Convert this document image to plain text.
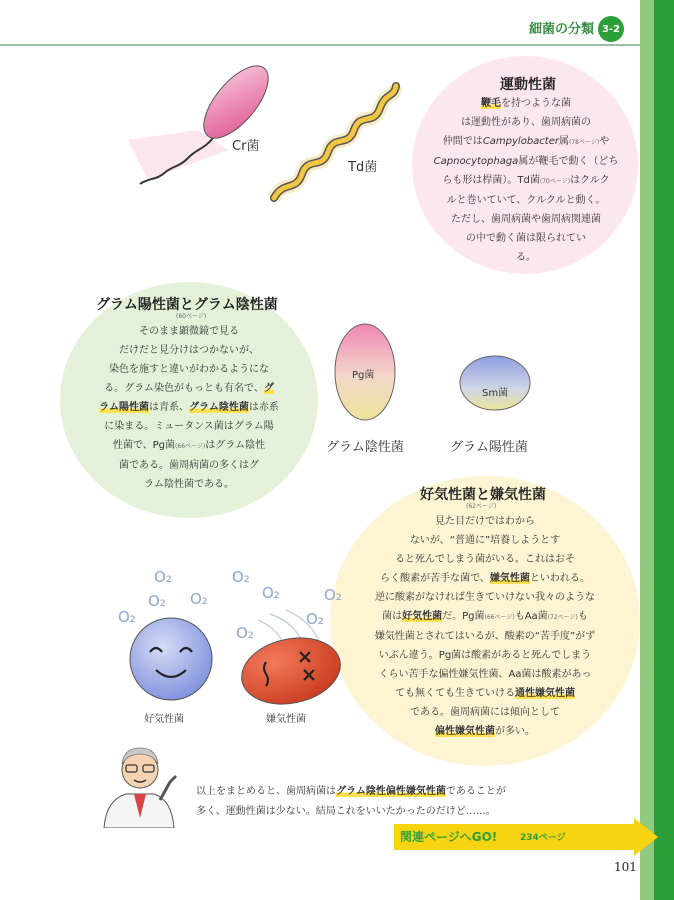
細菌の分類 3-2
運動性菌

鞭毛を持つような菌

は運動性があり、歯周病菌の

仲間ではCampylobacter属(78ページ)や

Capnocytophaga属が鞭毛で動く（どち

らも形は桿菌）。Td菌(70ページ)はクルク

ルと巻いていて、クルクルと動く。

ただし、歯周病菌や歯周病関連菌

の中で動く菌は限られてい

る。

Cr菌
Td菌
グラム陽性菌とグラム陰性菌
(60ページ)

そのまま顕微鏡で見る

だけだと見分けはつかないが、

染色を施すと違いがわかるようにな

る。グラム染色がもっとも有名で、グ

ラム陽性菌は青系、グラム陰性菌は赤系

に染まる。ミュータンス菌はグラム陽

性菌で、Pg菌(66ページ)はグラム陰性

菌である。歯周病菌の多くはグ

ラム陰性菌である。

Pg菌
Sm菌
グラム陰性菌	グラム陽性菌
好気性菌と嫌気性菌
(62ページ)

見た目だけではわから

ないが、“普通に”培養しようとす

ると死んでしまう菌がいる。これはおそ

らく酸素が苦手な菌で、嫌気性菌といわれる。

逆に酸素がなければ生きていけない我々のような

菌は好気性菌だ。Pg菌(66ページ)もAa菌(72ページ)も

嫌気性菌とされてはいるが、酸素の“苦手度”がず

いぶん違う。Pg菌は酸素があると死んでしまう

くらい苦手な偏性嫌気性菌、Aa菌は酸素があっ

ても無くても生きていける通性嫌気性菌

である。歯周病菌には傾向として

偏性嫌気性菌が多い。

O₂
O₂
O₂ O₂
O₂
O₂
O₂
O₂
O₂
好気性菌	嫌気性菌

以上をまとめると、歯周病菌はグラム陰性偏性嫌気性菌であることが

多く、運動性菌は少ない。結局これをいいたかったのだけど……。

関連ページへGO!	234ページ
101
